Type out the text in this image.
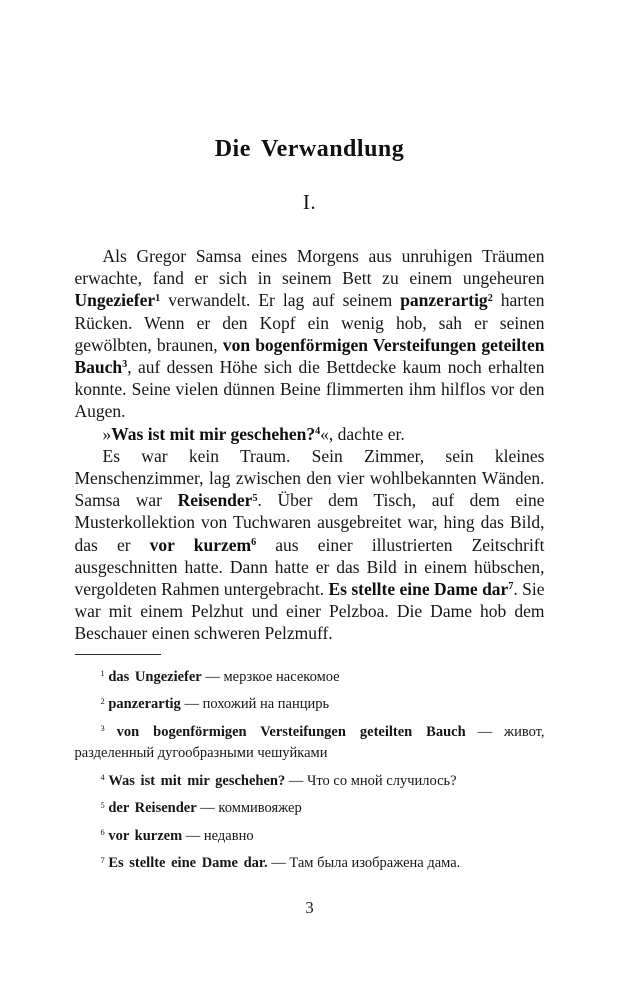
Die Verwandlung
I.

Als Gregor Samsa eines Morgens aus unruhigen Träumen erwachte, fand er sich in seinem Bett zu einem ungeheuren Ungeziefer$^1$ verwandelt. Er lag auf seinem panzerartig$^2$ harten Rücken. Wenn er den Kopf ein wenig hob, sah er seinen gewölbten, braunen, von bogenförmigen Versteifungen geteilten Bauch$^3$, auf dessen Höhe sich die Bettdecke kaum noch erhalten konnte. Seine vielen dünnen Beine flimmerten ihm hilflos vor den Augen.

»Was ist mit mir geschehen?$^4$«, dachte er.

Es war kein Traum. Sein Zimmer, sein kleines Menschenzimmer, lag zwischen den vier wohlbekannten Wänden. Samsa war Reisender$^5$. Über dem Tisch, auf dem eine Musterkollektion von Tuchwaren ausgebreitet war, hing das Bild, das er vor kurzem$^6$ aus einer illustrierten Zeitschrift ausgeschnitten hatte. Dann hatte er das Bild in einem hübschen, vergoldeten Rahmen untergebracht. Es stellte eine Dame dar$^7$. Sie war mit einem Pelzhut und einer Pelzboa. Die Dame hob dem Beschauer einen schweren Pelzmuff.

$^1$ das Ungeziefer — мерзкое насекомое

$^2$ panzerartig — похожий на панцирь

$^3$ von bogenförmigen Versteifungen geteilten Bauch — живот, разделенный дугообразными чешуйками

$^4$ Was ist mit mir geschehen? — Что со мной случилось?

$^5$ der Reisender — коммивояжер

$^6$ vor kurzem — недавно

$^7$ Es stellte eine Dame dar. — Там была изображена дама.

3
